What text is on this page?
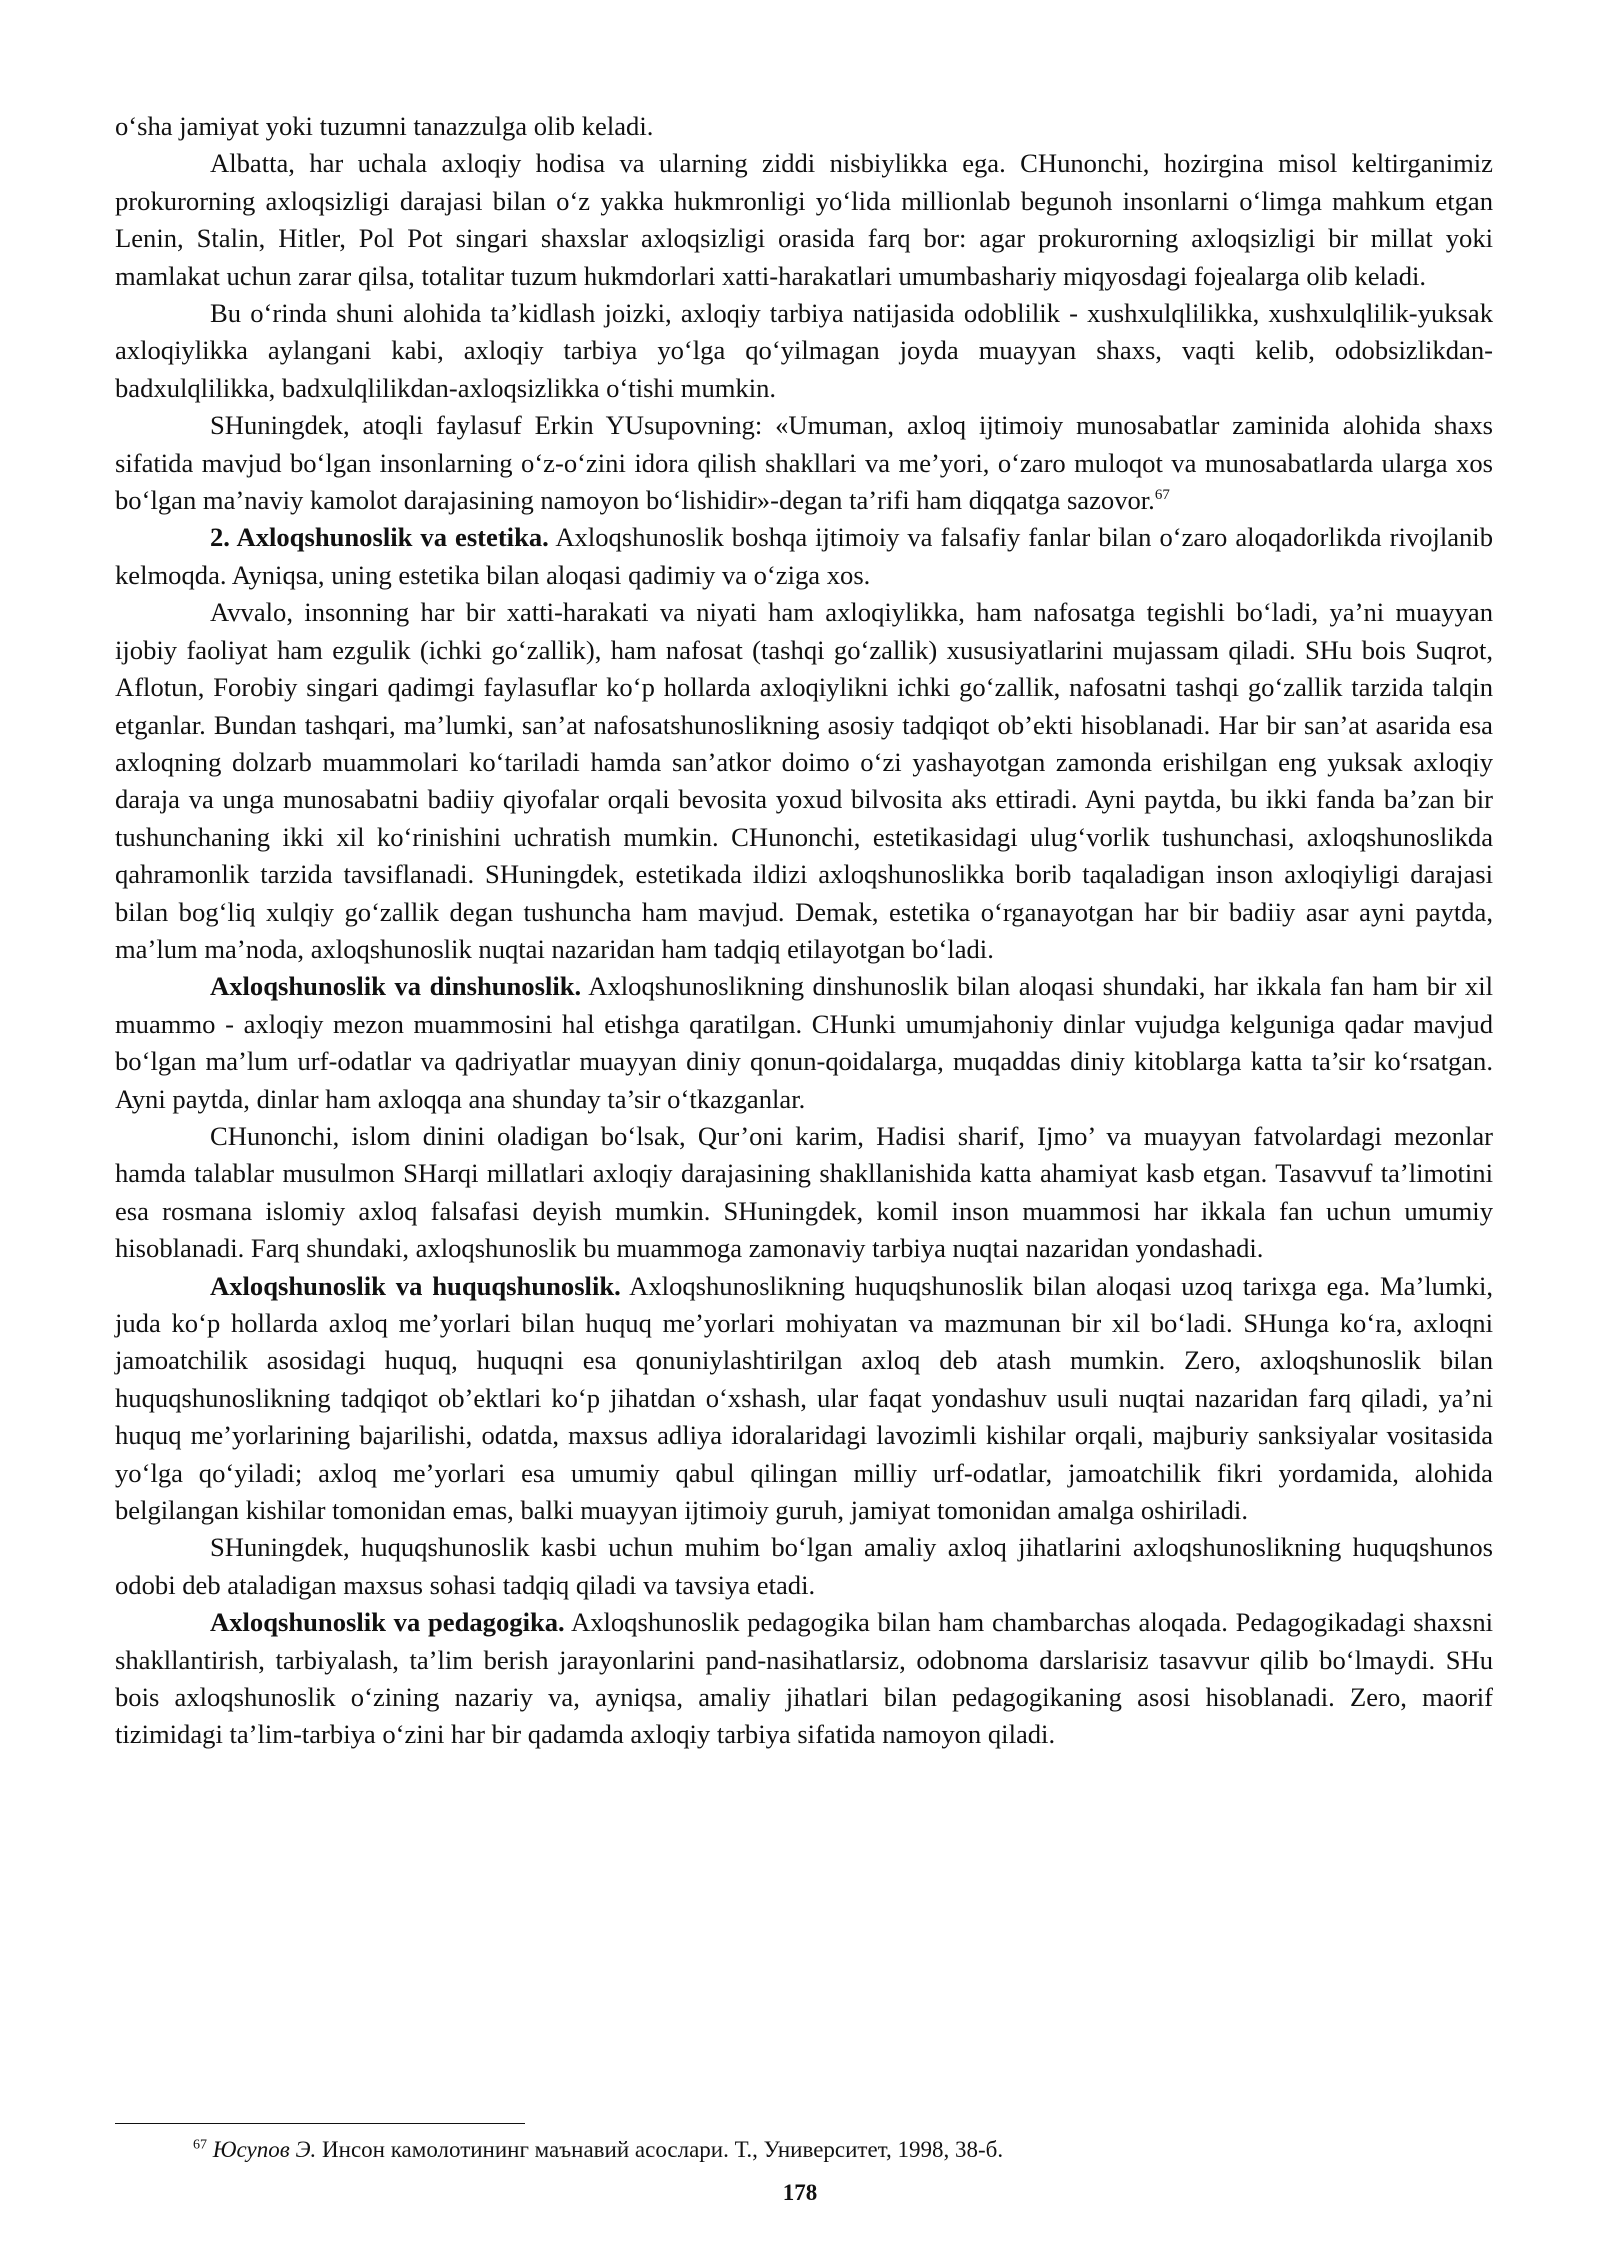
o‘sha jamiyat yoki tuzumni tanazzulga olib keladi.

Albatta, har uchala axloqiy hodisa va ularning ziddi nisbiylikka ega. CHunonchi, hozirgina misol keltirganimiz prokurorning axloqsizligi darajasi bilan o‘z yakka hukmronligi yo‘lida millionlab begunoh insonlarni o‘limga mahkum etgan Lenin, Stalin, Hitler, Pol Pot singari shaxslar axloqsizligi orasida farq bor: agar prokurorning axloqsizligi bir millat yoki mamlakat uchun zarar qilsa, totalitar tuzum hukmdorlari xatti-harakatlari umumbashariy miqyosdagi fojealarga olib keladi.

Bu o‘rinda shuni alohida ta’kidlash joizki, axloqiy tarbiya natijasida odoblilik - xushxulqlilikka, xushxulqlilik-yuksak axloqiylikka aylangani kabi, axloqiy tarbiya yo‘lga qo‘yilmagan joyda muayyan shaxs, vaqti kelib, odobsizlikdan-badxulqlilikka, badxulqlilikdan-axloqsizlikka o‘tishi mumkin.

SHuningdek, atoqli faylasuf Erkin YUsupovning: «Umuman, axloq ijtimoiy munosabatlar zaminida alohida shaxs sifatida mavjud bo‘lgan insonlarning o‘z-o‘zini idora qilish shakllari va me’yori, o‘zaro muloqot va munosabatlarda ularga xos bo‘lgan ma’naviy kamolot darajasining namoyon bo‘lishidir»-degan ta’rifi ham diqqatga sazovor.$^{67}$

2. Axloqshunoslik va estetika. Axloqshunoslik boshqa ijtimoiy va falsafiy fanlar bilan o‘zaro aloqadorlikda rivojlanib kelmoqda. Ayniqsa, uning estetika bilan aloqasi qadimiy va o‘ziga xos.

Avvalo, insonning har bir xatti-harakati va niyati ham axloqiylikka, ham nafosatga tegishli bo‘ladi, ya’ni muayyan ijobiy faoliyat ham ezgulik (ichki go‘zallik), ham nafosat (tashqi go‘zallik) xususiyatlarini mujassam qiladi. SHu bois Suqrot, Aflotun, Forobiy singari qadimgi faylasuflar ko‘p hollarda axloqiylikni ichki go‘zallik, nafosatni tashqi go‘zallik tarzida talqin etganlar. Bundan tashqari, ma’lumki, san’at nafosatshunoslikning asosiy tadqiqot ob’ekti hisoblanadi. Har bir san’at asarida esa axloqning dolzarb muammolari ko‘tariladi hamda san’atkor doimo o‘zi yashayotgan zamonda erishilgan eng yuksak axloqiy daraja va unga munosabatni badiiy qiyofalar orqali bevosita yoxud bilvosita aks ettiradi. Ayni paytda, bu ikki fanda ba’zan bir tushunchaning ikki xil ko‘rinishini uchratish mumkin. CHunonchi, estetikasidagi ulug‘vorlik tushunchasi, axloqshunoslikda qahramonlik tarzida tavsiflanadi. SHuningdek, estetikada ildizi axloqshunoslikka borib taqaladigan inson axloqiyligi darajasi bilan bog‘liq xulqiy go‘zallik degan tushuncha ham mavjud. Demak, estetika o‘rganayotgan har bir badiiy asar ayni paytda, ma’lum ma’noda, axloqshunoslik nuqtai nazaridan ham tadqiq etilayotgan bo‘ladi.

Axloqshunoslik va dinshunoslik. Axloqshunoslikning dinshunoslik bilan aloqasi shundaki, har ikkala fan ham bir xil muammo - axloqiy mezon muammosini hal etishga qaratilgan. CHunki umumjahoniy dinlar vujudga kelguniga qadar mavjud bo‘lgan ma’lum urf-odatlar va qadriyatlar muayyan diniy qonun-qoidalarga, muqaddas diniy kitoblarga katta ta’sir ko‘rsatgan. Ayni paytda, dinlar ham axloqqa ana shunday ta’sir o‘tkazganlar.

CHunonchi, islom dinini oladigan bo‘lsak, Qur’oni karim, Hadisi sharif, Ijmo’ va muayyan fatvolardagi mezonlar hamda talablar musulmon SHarqi millatlari axloqiy darajasining shakllanishida katta ahamiyat kasb etgan. Tasavvuf ta’limotini esa rosmana islomiy axloq falsafasi deyish mumkin. SHuningdek, komil inson muammosi har ikkala fan uchun umumiy hisoblanadi. Farq shundaki, axloqshunoslik bu muammoga zamonaviy tarbiya nuqtai nazaridan yondashadi.

Axloqshunoslik va huquqshunoslik. Axloqshunoslikning huquqshunoslik bilan aloqasi uzoq tarixga ega. Ma’lumki, juda ko‘p hollarda axloq me’yorlari bilan huquq me’yorlari mohiyatan va mazmunan bir xil bo‘ladi. SHunga ko‘ra, axloqni jamoatchilik asosidagi huquq, huquqni esa qonuniylashtirilgan axloq deb atash mumkin. Zero, axloqshunoslik bilan huquqshunoslikning tadqiqot ob’ektlari ko‘p jihatdan o‘xshash, ular faqat yondashuv usuli nuqtai nazaridan farq qiladi, ya’ni huquq me’yorlarining bajarilishi, odatda, maxsus adliya idoralaridagi lavozimli kishilar orqali, majburiy sanksiyalar vositasida yo‘lga qo‘yiladi; axloq me’yorlari esa umumiy qabul qilingan milliy urf-odatlar, jamoatchilik fikri yordamida, alohida belgilangan kishilar tomonidan emas, balki muayyan ijtimoiy guruh, jamiyat tomonidan amalga oshiriladi.

SHuningdek, huquqshunoslik kasbi uchun muhim bo‘lgan amaliy axloq jihatlarini axloqshunoslikning huquqshunos odobi deb ataladigan maxsus sohasi tadqiq qiladi va tavsiya etadi.

Axloqshunoslik va pedagogika. Axloqshunoslik pedagogika bilan ham chambarchas aloqada. Pedagogikadagi shaxsni shakllantirish, tarbiyalash, ta’lim berish jarayonlarini pand-nasihatlarsiz, odobnoma darslarisiz tasavvur qilib bo‘lmaydi. SHu bois axloqshunoslik o‘zining nazariy va, ayniqsa, amaliy jihatlari bilan pedagogikaning asosi hisoblanadi. Zero, maorif tizimidagi ta’lim-tarbiya o‘zini har bir qadamda axloqiy tarbiya sifatida namoyon qiladi.

$^{67}$ Юсупов Э. Инсон камолотининг маънавий асослари. Т., Университет, 1998, 38-б.
178
